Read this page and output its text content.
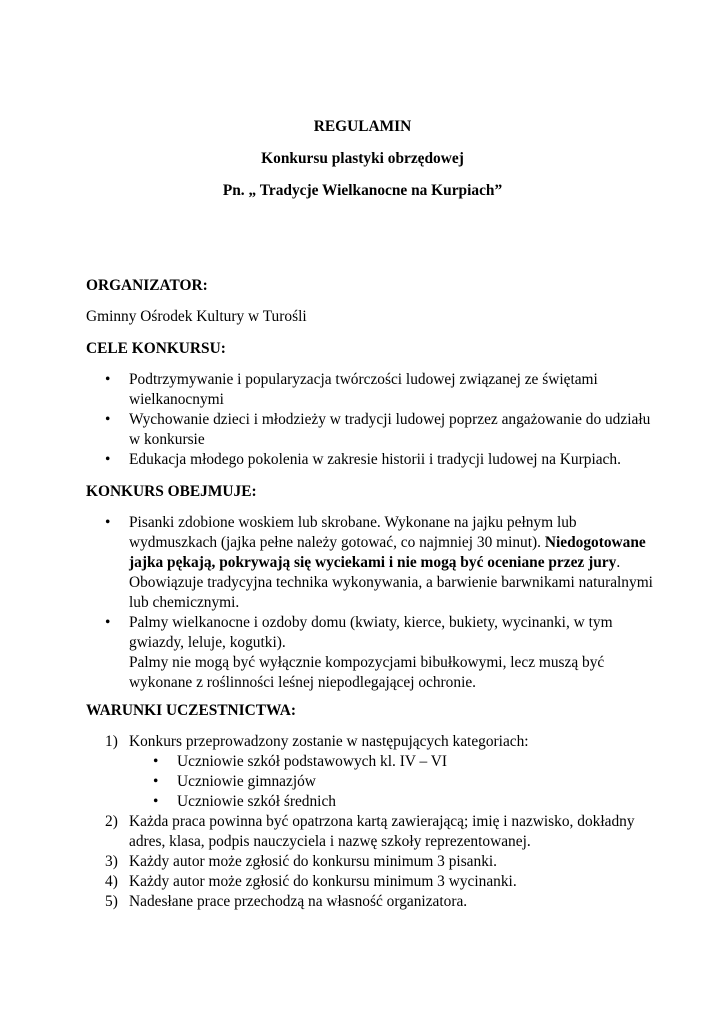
REGULAMIN
Konkursu plastyki obrzędowej
Pn. „ Tradycje Wielkanocne na Kurpiach”
ORGANIZATOR:
Gminny Ośrodek Kultury w Turośli
CELE KONKURSU:
• Podtrzymywanie i popularyzacja twórczości ludowej związanej ze świętami wielkanocnymi
• Wychowanie dzieci i młodzieży w tradycji ludowej poprzez angażowanie do udziału w konkursie
• Edukacja młodego pokolenia w zakresie historii i tradycji ludowej na Kurpiach.
KONKURS OBEJMUJE:
• Pisanki zdobione woskiem lub skrobane. Wykonane na jajku pełnym lub wydmuszkach (jajka pełne należy gotować, co najmniej 30 minut). Niedogotowane jajka pękają, pokrywają się wyciekami i nie mogą być oceniane przez jury. Obowiązuje tradycyjna technika wykonywania, a barwienie barwnikami naturalnymi lub chemicznymi.
• Palmy wielkanocne i ozdoby domu (kwiaty, kierce, bukiety, wycinanki, w tym gwiazdy, leluje, kogutki).
Palmy nie mogą być wyłącznie kompozycjami bibułkowymi, lecz muszą być wykonane z roślinności leśnej niepodlegającej ochronie.
WARUNKI UCZESTNICTWA:
1) Konkurs przeprowadzony zostanie w następujących kategoriach:
• Uczniowie szkół podstawowych kl. IV – VI
• Uczniowie gimnazjów
• Uczniowie szkół średnich
2) Każda praca powinna być opatrzona kartą zawierającą; imię i nazwisko, dokładny adres, klasa, podpis nauczyciela i nazwę szkoły reprezentowanej.
3) Każdy autor może zgłosić do konkursu minimum 3 pisanki.
4) Każdy autor może zgłosić do konkursu minimum 3 wycinanki.
5) Nadesłane prace przechodzą na własność organizatora.
